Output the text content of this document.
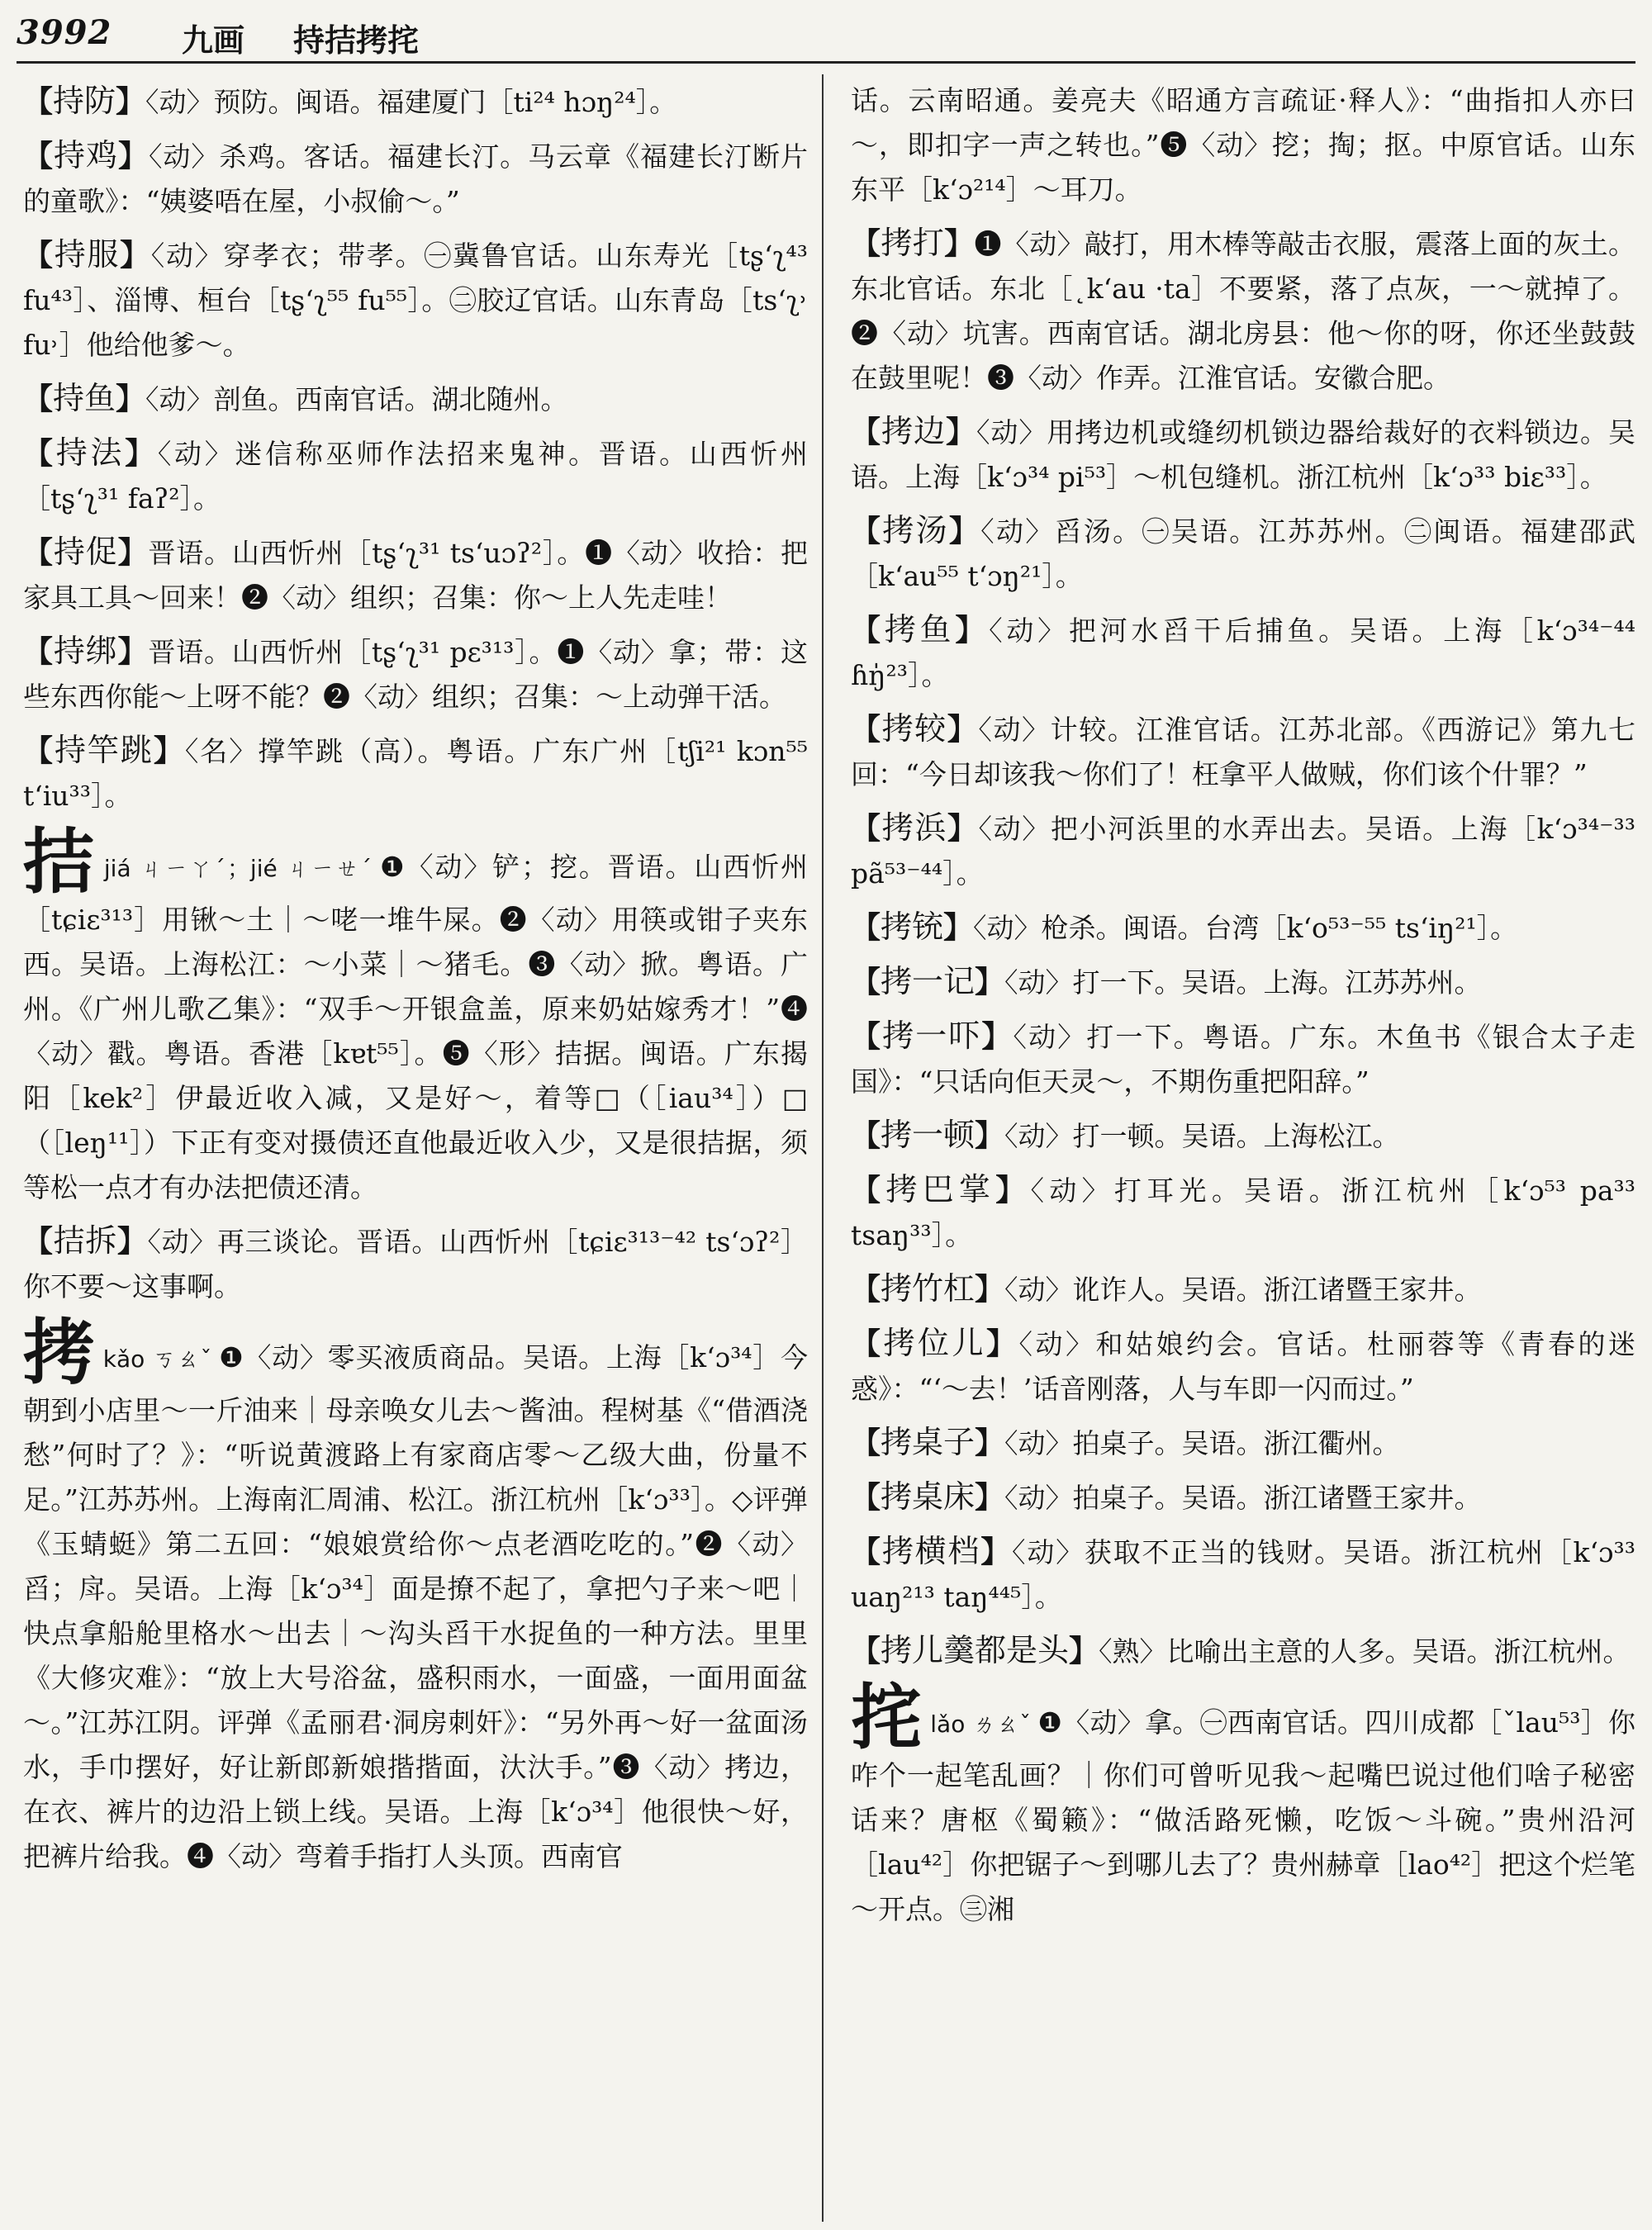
3992 九画 持拮拷挓
【持防】〈动〉预防。闽语。福建厦门［ti²⁴ hɔŋ²⁴］。
【持鸡】〈动〉杀鸡。客话。福建长汀。马云章《福建长汀断片的童歌》：“姨婆唔在屋，小叔偷～。”
【持服】〈动〉穿孝衣；带孝。㊀冀鲁官话。山东寿光［tʂʻʅ⁴³ fu⁴³］、淄博、桓台［tʂʻʅ⁵⁵ fu⁵⁵］。㊁胶辽官话。山东青岛［tsʻʅ˒ fu˒］他给他爹～。
【持鱼】〈动〉剖鱼。西南官话。湖北随州。
【持法】〈动〉迷信称巫师作法招来鬼神。晋语。山西忻州［tʂʻʅ³¹ faʔ²］。
【持促】晋语。山西忻州［tʂʻʅ³¹ tsʻuɔʔ²］。❶〈动〉收拾：把家具工具～回来！❷〈动〉组织；召集：你～上人先走哇！
【持绑】晋语。山西忻州［tʂʻʅ³¹ pɛ³¹³］。❶〈动〉拿；带：这些东西你能～上呀不能？❷〈动〉组织；召集：～上动弹干活。
【持竿跳】〈名〉撑竿跳（高）。粤语。广东广州［tʃi²¹ kɔn⁵⁵ tʻiu³³］。
拮jiá ㄐㄧㄚˊ；jié ㄐㄧㄝˊ ❶〈动〉铲；挖。晋语。山西忻州［tɕiɛ³¹³］用锹～土｜～咾一堆牛屎。❷〈动〉用筷或钳子夹东西。吴语。上海松江：～小菜｜～猪毛。❸〈动〉掀。粤语。广州。《广州儿歌乙集》：“双手～开银盒盖，原来奶姑嫁秀才！”❹〈动〉戳。粤语。香港［kɐt⁵⁵］。❺〈形〉拮据。闽语。广东揭阳［kek²］伊最近收入减，又是好～，着等□（［iau³⁴］）□（［leŋ¹¹］）下正有变对摄债还直他最近收入少，又是很拮据，须等松一点才有办法把债还清。
【拮拆】〈动〉再三谈论。晋语。山西忻州［tɕiɛ³¹³⁻⁴² tsʻɔʔ²］你不要～这事啊。
拷kǎo ㄎㄠˇ ❶〈动〉零买液质商品。吴语。上海［kʻɔ³⁴］今朝到小店里～一斤油来｜母亲唤女儿去～酱油。程树基《“借酒浇愁”何时了？》：“听说黄渡路上有家商店零～乙级大曲，份量不足。”江苏苏州。上海南汇周浦、松江。浙江杭州［kʻɔ³³］。◇评弹《玉蜻蜓》第二五回：“娘娘赏给你～点老酒吃吃的。”❷〈动〉舀；戽。吴语。上海［kʻɔ³⁴］面是撩不起了，拿把勺子来～吧｜快点拿船舱里格水～出去｜～沟头舀干水捉鱼的一种方法。里里《大修灾难》：“放上大号浴盆，盛积雨水，一面盛，一面用面盆～。”江苏江阴。评弹《孟丽君·洞房刺奸》：“另外再～好一盆面汤水，手巾摆好，好让新郎新娘揩揩面，汏汏手。”❸〈动〉拷边，在衣、裤片的边沿上锁上线。吴语。上海［kʻɔ³⁴］他很快～好，把裤片给我。❹〈动〉弯着手指打人头顶。西南官
话。云南昭通。姜亮夫《昭通方言疏证·释人》：“曲指扣人亦曰～，即扣字一声之转也。”❺〈动〉挖；掏；抠。中原官话。山东东平［kʻɔ²¹⁴］～耳刀。
【拷打】❶〈动〉敲打，用木棒等敲击衣服，震落上面的灰土。东北官话。东北［˛kʻau ·ta］不要紧，落了点灰，一～就掉了。❷〈动〉坑害。西南官话。湖北房县：他～你的呀，你还坐鼓鼓在鼓里呢！❸〈动〉作弄。江淮官话。安徽合肥。
【拷边】〈动〉用拷边机或缝纫机锁边器给裁好的衣料锁边。吴语。上海［kʻɔ³⁴ pi⁵³］～机包缝机。浙江杭州［kʻɔ³³ biɛ³³］。
【拷汤】〈动〉舀汤。㊀吴语。江苏苏州。㊁闽语。福建邵武［kʻau⁵⁵ tʻɔŋ²¹］。
【拷鱼】〈动〉把河水舀干后捕鱼。吴语。上海［kʻɔ³⁴⁻⁴⁴ ɦŋ̍²³］。
【拷较】〈动〉计较。江淮官话。江苏北部。《西游记》第九七回：“今日却该我～你们了！枉拿平人做贼，你们该个什罪？”
【拷浜】〈动〉把小河浜里的水弄出去。吴语。上海［kʻɔ³⁴⁻³³ pã⁵³⁻⁴⁴］。
【拷铳】〈动〉枪杀。闽语。台湾［kʻo⁵³⁻⁵⁵ tsʻiŋ²¹］。
【拷一记】〈动〉打一下。吴语。上海。江苏苏州。
【拷一吓】〈动〉打一下。粤语。广东。木鱼书《银合太子走国》：“只话向佢天灵～，不期伤重把阳辞。”
【拷一顿】〈动〉打一顿。吴语。上海松江。
【拷巴掌】〈动〉打耳光。吴语。浙江杭州［kʻɔ⁵³ pa³³ tsaŋ³³］。
【拷竹杠】〈动〉讹诈人。吴语。浙江诸暨王家井。
【拷位儿】〈动〉和姑娘约会。官话。杜丽蓉等《青春的迷惑》：“‘～去！’话音刚落，人与车即一闪而过。”
【拷桌子】〈动〉拍桌子。吴语。浙江衢州。
【拷桌床】〈动〉拍桌子。吴语。浙江诸暨王家井。
【拷横档】〈动〉获取不正当的钱财。吴语。浙江杭州［kʻɔ³³ uaŋ²¹³ taŋ⁴⁴⁵］。
【拷儿羹都是头】〈熟〉比喻出主意的人多。吴语。浙江杭州。
挓lǎo ㄌㄠˇ ❶〈动〉拿。㊀西南官话。四川成都［ˇlau⁵³］你咋个一起笔乱画？｜你们可曾听见我～起嘴巴说过他们啥子秘密话来？唐枢《蜀籁》：“做活路死懒，吃饭～斗碗。”贵州沿河［lau⁴²］你把锯子～到哪儿去了？贵州赫章［lao⁴²］把这个烂笔～开点。㊂湘
